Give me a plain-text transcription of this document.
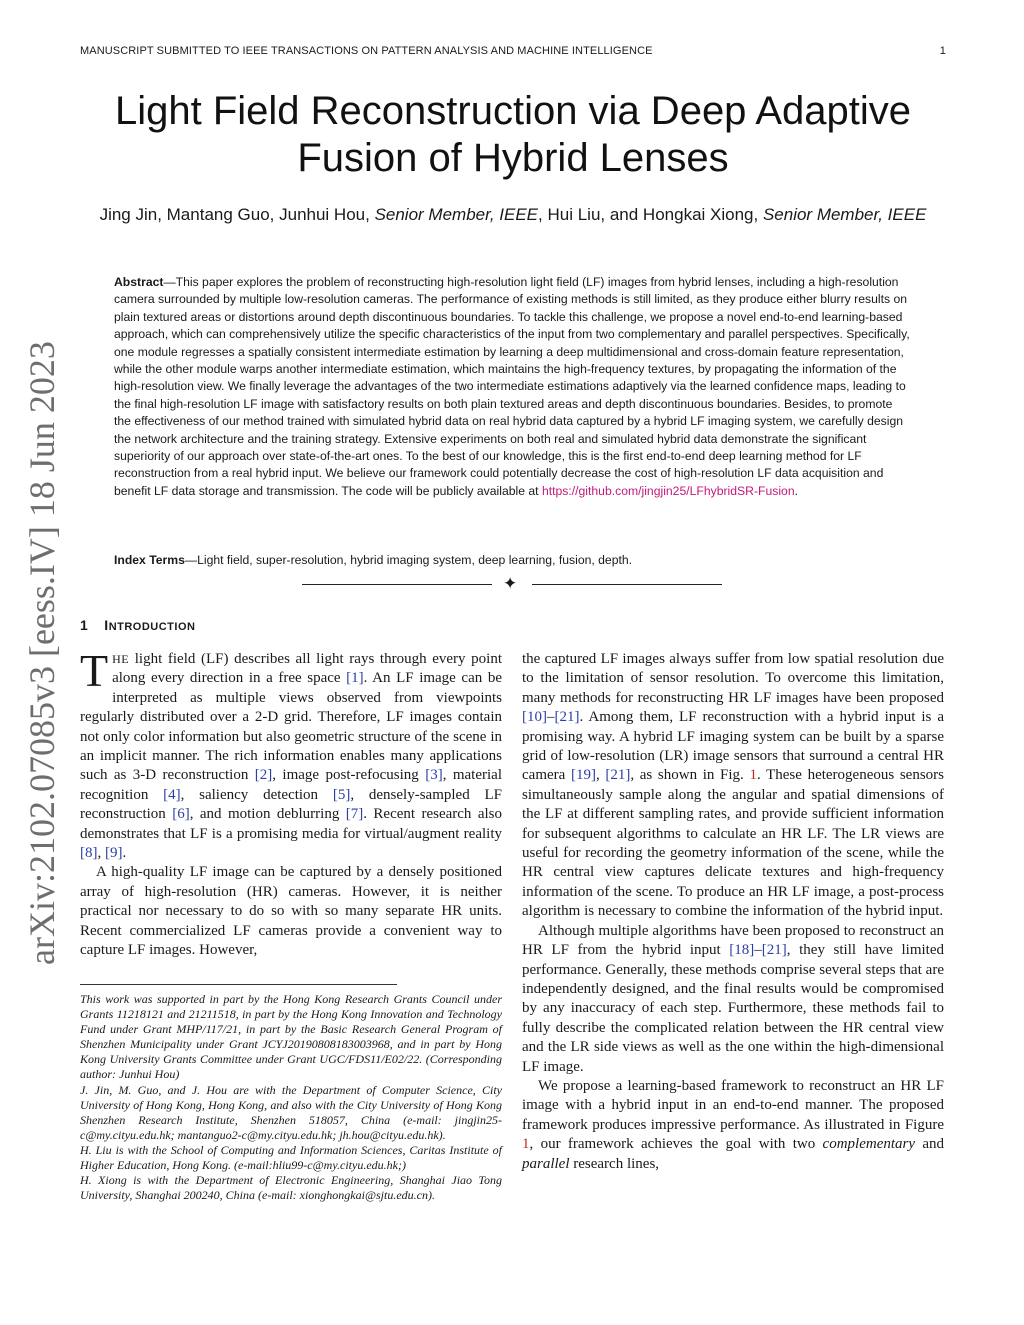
MANUSCRIPT SUBMITTED TO IEEE TRANSACTIONS ON PATTERN ANALYSIS AND MACHINE INTELLIGENCE	1
arXiv:2102.07085v3 [eess.IV] 18 Jun 2023
Light Field Reconstruction via Deep Adaptive Fusion of Hybrid Lenses
Jing Jin, Mantang Guo, Junhui Hou, Senior Member, IEEE, Hui Liu, and Hongkai Xiong, Senior Member, IEEE
Abstract—This paper explores the problem of reconstructing high-resolution light field (LF) images from hybrid lenses, including a high-resolution camera surrounded by multiple low-resolution cameras. The performance of existing methods is still limited, as they produce either blurry results on plain textured areas or distortions around depth discontinuous boundaries. To tackle this challenge, we propose a novel end-to-end learning-based approach, which can comprehensively utilize the specific characteristics of the input from two complementary and parallel perspectives. Specifically, one module regresses a spatially consistent intermediate estimation by learning a deep multidimensional and cross-domain feature representation, while the other module warps another intermediate estimation, which maintains the high-frequency textures, by propagating the information of the high-resolution view. We finally leverage the advantages of the two intermediate estimations adaptively via the learned confidence maps, leading to the final high-resolution LF image with satisfactory results on both plain textured areas and depth discontinuous boundaries. Besides, to promote the effectiveness of our method trained with simulated hybrid data on real hybrid data captured by a hybrid LF imaging system, we carefully design the network architecture and the training strategy. Extensive experiments on both real and simulated hybrid data demonstrate the significant superiority of our approach over state-of-the-art ones. To the best of our knowledge, this is the first end-to-end deep learning method for LF reconstruction from a real hybrid input. We believe our framework could potentially decrease the cost of high-resolution LF data acquisition and benefit LF data storage and transmission. The code will be publicly available at https://github.com/jingjin25/LFhybridSR-Fusion.
Index Terms—Light field, super-resolution, hybrid imaging system, deep learning, fusion, depth.
✦
1 INTRODUCTION

THE light field (LF) describes all light rays through every point along every direction in a free space [1]. An LF image can be interpreted as multiple views observed from viewpoints regularly distributed over a 2-D grid. Therefore, LF images contain not only color information but also geometric structure of the scene in an implicit manner. The rich information enables many applications such as 3-D reconstruction [2], image post-refocusing [3], material recognition [4], saliency detection [5], densely-sampled LF reconstruction [6], and motion deblurring [7]. Recent research also demonstrates that LF is a promising media for virtual/augment reality [8], [9].

A high-quality LF image can be captured by a densely positioned array of high-resolution (HR) cameras. However, it is neither practical nor necessary to do so with so many separate HR units. Recent commercialized LF cameras provide a convenient way to capture LF images. However,

This work was supported in part by the Hong Kong Research Grants Council under Grants 11218121 and 21211518, in part by the Hong Kong Innovation and Technology Fund under Grant MHP/117/21, in part by the Basic Research General Program of Shenzhen Municipality under Grant JCYJ20190808183003968, and in part by Hong Kong University Grants Committee under Grant UGC/FDS11/E02/22. (Corresponding author: Junhui Hou)

J. Jin, M. Guo, and J. Hou are with the Department of Computer Science, City University of Hong Kong, Hong Kong, and also with the City University of Hong Kong Shenzhen Research Institute, Shenzhen 518057, China (e-mail: jingjin25-c@my.cityu.edu.hk; mantanguo2-c@my.cityu.edu.hk; jh.hou@cityu.edu.hk).

H. Liu is with the School of Computing and Information Sciences, Caritas Institute of Higher Education, Hong Kong. (e-mail:hliu99-c@my.cityu.edu.hk;)

H. Xiong is with the Department of Electronic Engineering, Shanghai Jiao Tong University, Shanghai 200240, China (e-mail: xionghongkai@sjtu.edu.cn).

the captured LF images always suffer from low spatial resolution due to the limitation of sensor resolution. To overcome this limitation, many methods for reconstructing HR LF images have been proposed [10]–[21]. Among them, LF reconstruction with a hybrid input is a promising way. A hybrid LF imaging system can be built by a sparse grid of low-resolution (LR) image sensors that surround a central HR camera [19], [21], as shown in Fig. 1. These heterogeneous sensors simultaneously sample along the angular and spatial dimensions of the LF at different sampling rates, and provide sufficient information for subsequent algorithms to calculate an HR LF. The LR views are useful for recording the geometry information of the scene, while the HR central view captures delicate textures and high-frequency information of the scene. To produce an HR LF image, a post-process algorithm is necessary to combine the information of the hybrid input.

Although multiple algorithms have been proposed to reconstruct an HR LF from the hybrid input [18]–[21], they still have limited performance. Generally, these methods comprise several steps that are independently designed, and the final results would be compromised by any inaccuracy of each step. Furthermore, these methods fail to fully describe the complicated relation between the HR central view and the LR side views as well as the one within the high-dimensional LF image.

We propose a learning-based framework to reconstruct an HR LF image with a hybrid input in an end-to-end manner. The proposed framework produces impressive performance. As illustrated in Figure 1, our framework achieves the goal with two complementary and parallel research lines,
